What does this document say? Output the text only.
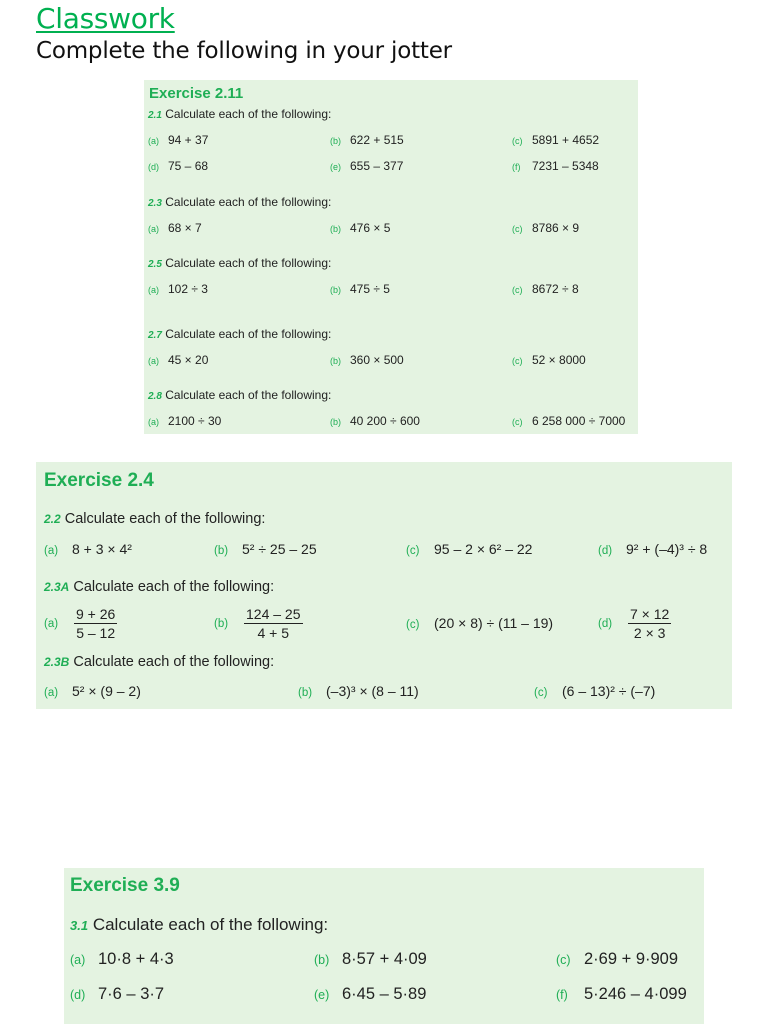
Classwork
Complete the following in your jotter
Exercise 2.11
2.1 Calculate each of the following:
(a) 94 + 37	(b) 622 + 515	(c) 5891 + 4652
(d) 75 – 68	(e) 655 – 377	(f) 7231 – 5348
2.3 Calculate each of the following:
(a) 68 × 7	(b) 476 × 5	(c) 8786 × 9
2.5 Calculate each of the following:
(a) 102 ÷ 3	(b) 475 ÷ 5	(c) 8672 ÷ 8
2.7 Calculate each of the following:
(a) 45 × 20	(b) 360 × 500	(c) 52 × 8000
2.8 Calculate each of the following:
(a) 2100 ÷ 30	(b) 40 200 ÷ 600	(c) 6 258 000 ÷ 7000
Exercise 2.4
2.2 Calculate each of the following:
(a) 8 + 3 × 4²	(b) 5² ÷ 25 – 25	(c) 95 – 2 × 6² – 22	(d) 9² + (–4)³ ÷ 8
2.3A Calculate each of the following:
$(a) \frac{9 + 26}{5 - 12}$	$(b) \frac{124 - 25}{4 + 5}$	(c) (20 × 8) ÷ (11 – 19)	$(d) \frac{7 \times 12}{2 \times 3}$
2.3B Calculate each of the following:
(a) 5² × (9 – 2)	(b) (–3)³ × (8 – 11)	(c) (6 – 13)² ÷ (–7)
Exercise 3.9
3.1 Calculate each of the following:
(a) 10·8 + 4·3	(b) 8·57 + 4·09	(c) 2·69 + 9·909
(d) 7·6 – 3·7	(e) 6·45 – 5·89	(f) 5·246 – 4·099
